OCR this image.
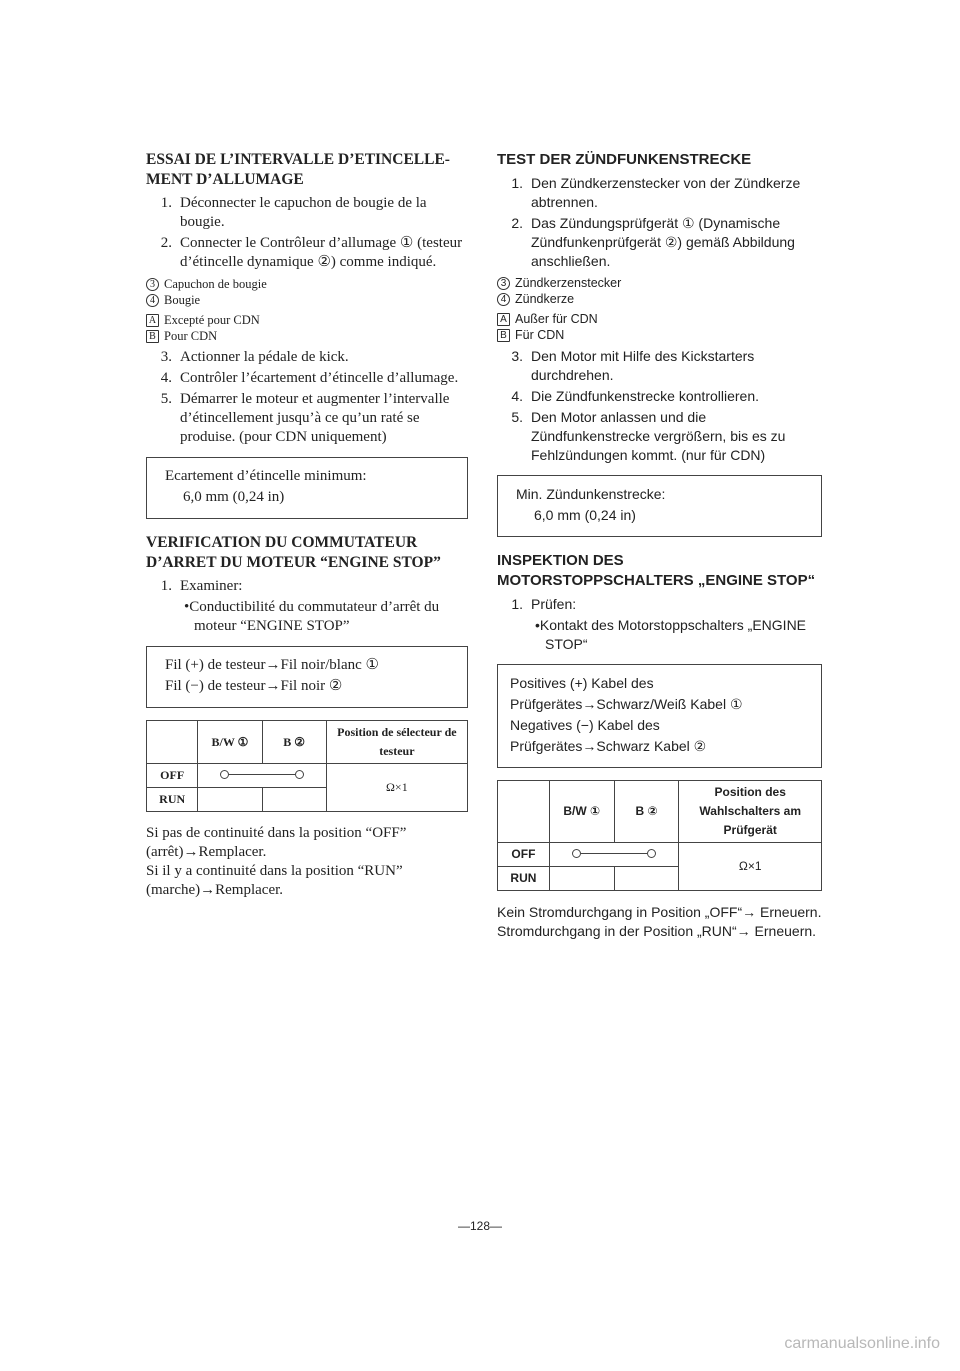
ESSAI DE L’INTERVALLE D’ETINCELLE-MENT D’ALLUMAGE
1. Déconnecter le capuchon de bougie de la bougie.
2. Connecter le Contrôleur d’allumage ① (testeur d’étincelle dynamique ②) comme indiqué.
3 Capuchon de bougie
4 Bougie
A Excepté pour CDN
B Pour CDN
3. Actionner la pédale de kick.
4. Contrôler l’écartement d’étincelle d’allumage.
5. Démarrer le moteur et augmenter l’intervalle d’étincellement jusqu’à ce qu’un raté se produise. (pour CDN uniquement)
Ecartement d’étincelle minimum:
6,0 mm (0,24 in)
VERIFICATION DU COMMUTATEUR D’ARRET DU MOTEUR “ENGINE STOP”
1. Examiner:
•Conductibilité du commutateur d’arrêt du moteur “ENGINE STOP”
Fil (+) de testeur→Fil noir/blanc ①
Fil (−) de testeur→Fil noir ②
	B/W ①	B ②	Position de sélecteur de testeur
OFF			Ω×1
RUN			

Si pas de continuité dans la position “OFF” (arrêt)→Remplacer.

Si il y a continuité dans la position “RUN” (marche)→Remplacer.

TEST DER ZÜNDFUNKENSTRECKE
1. Den Zündkerzenstecker von der Zündkerze abtrennen.
2. Das Zündungsprüfgerät ① (Dynamische Zündfunkenprüfgerät ②) gemäß Abbildung anschließen.
3 Zündkerzenstecker
4 Zündkerze
A Außer für CDN
B Für CDN
3. Den Motor mit Hilfe des Kickstarters durchdrehen.
4. Die Zündfunkenstrecke kontrollieren.
5. Den Motor anlassen und die Zündfunkenstrecke vergrößern, bis es zu Fehlzündungen kommt. (nur für CDN)
Min. Zündunkenstrecke:
6,0 mm (0,24 in)
INSPEKTION DES MOTORSTOPPSCHALTERS „ENGINE STOP“
1. Prüfen:
•Kontakt des Motorstoppschalters „ENGINE STOP“
Positives (+) Kabel des
Prüfgerätes→Schwarz/Weiß Kabel ①
Negatives (−) Kabel des
Prüfgerätes→Schwarz Kabel ②
	B/W ①	B ②	Position des Wahlschalters am Prüfgerät
OFF			Ω×1
RUN			

Kein Stromdurchgang in Position „OFF“→ Erneuern.

Stromdurchgang in der Position „RUN“→ Erneuern.

—128—
carmanualsonline.info
